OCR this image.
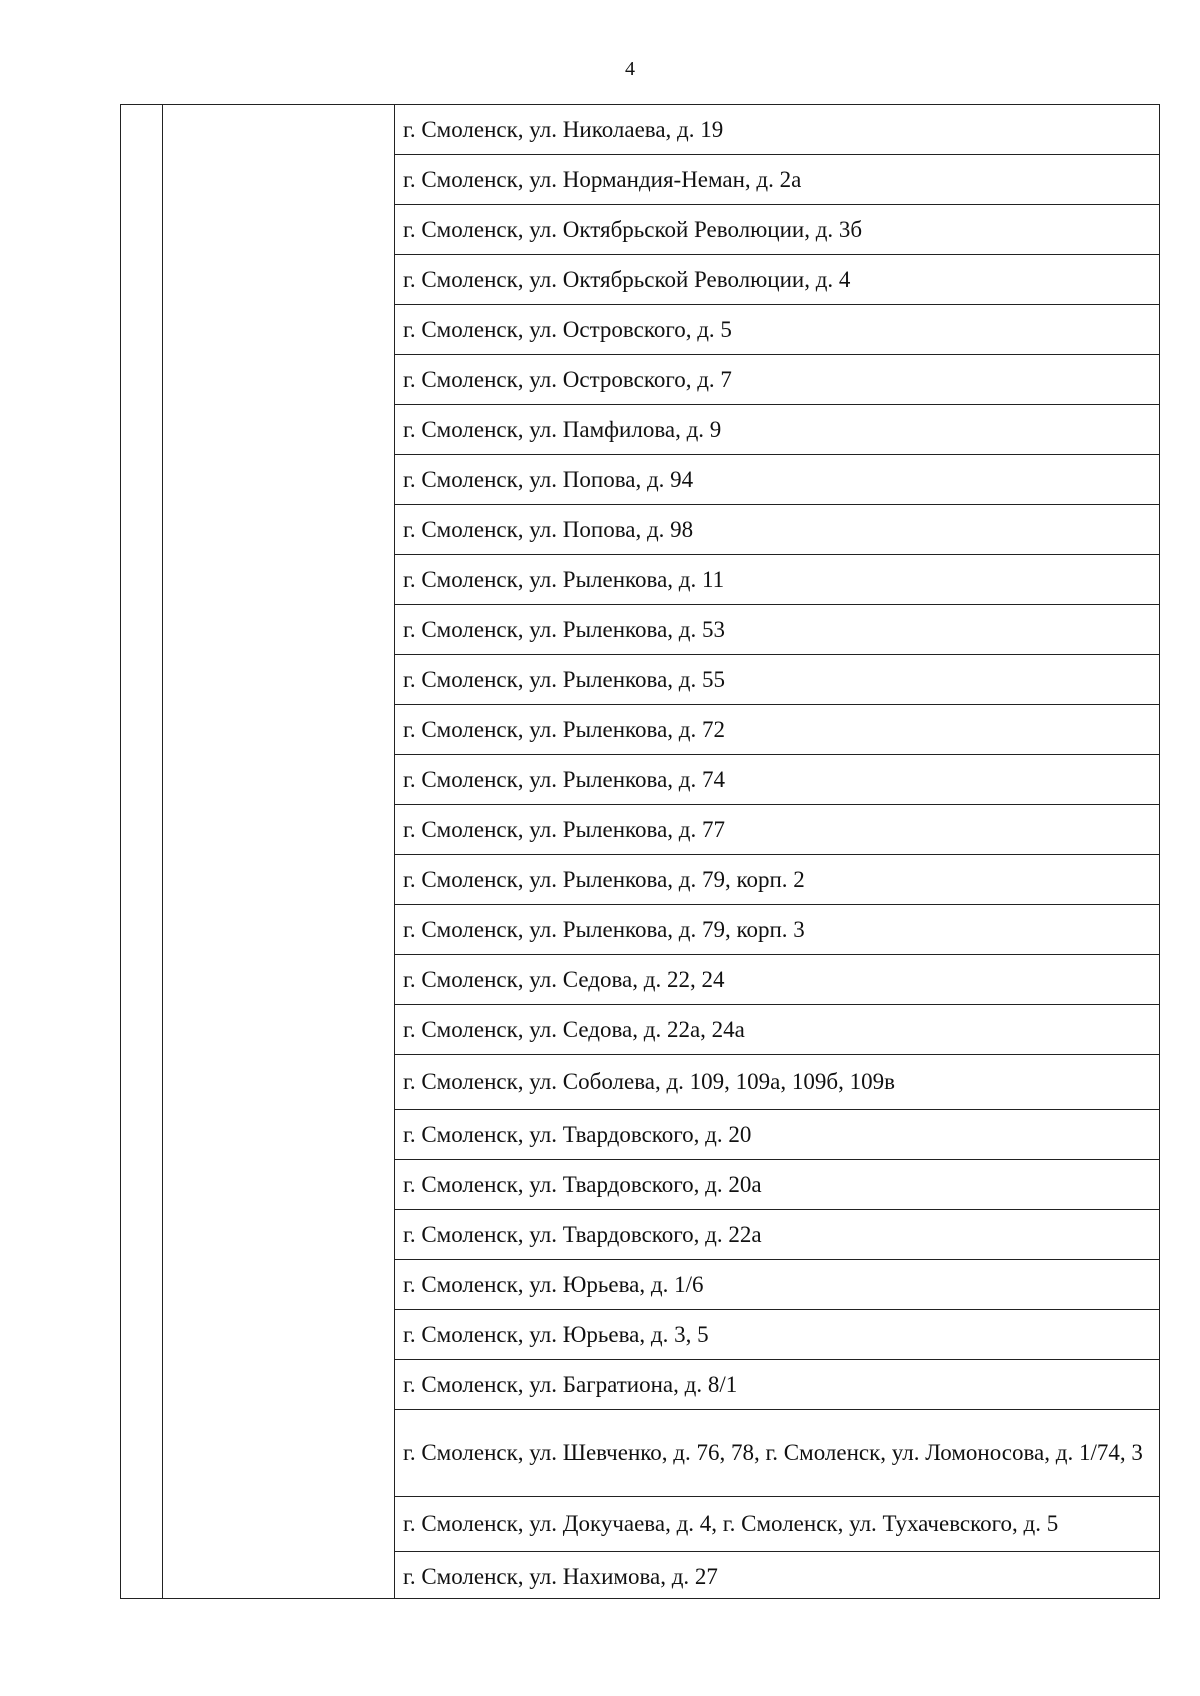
4
г. Смоленск, ул. Николаева, д. 19
г. Смоленск, ул. Нормандия-Неман, д. 2а
г. Смоленск, ул. Октябрьской Революции, д. 3б
г. Смоленск, ул. Октябрьской Революции, д. 4
г. Смоленск, ул. Островского, д. 5
г. Смоленск, ул. Островского, д. 7
г. Смоленск, ул. Памфилова, д. 9
г. Смоленск, ул. Попова, д. 94
г. Смоленск, ул. Попова, д. 98
г. Смоленск, ул. Рыленкова, д. 11
г. Смоленск, ул. Рыленкова, д. 53
г. Смоленск, ул. Рыленкова, д. 55
г. Смоленск, ул. Рыленкова, д. 72
г. Смоленск, ул. Рыленкова, д. 74
г. Смоленск, ул. Рыленкова, д. 77
г. Смоленск, ул. Рыленкова, д. 79, корп. 2
г. Смоленск, ул. Рыленкова, д. 79, корп. 3
г. Смоленск, ул. Седова, д. 22, 24
г. Смоленск, ул. Седова, д. 22а, 24а
г. Смоленск, ул. Соболева, д. 109, 109а, 109б, 109в
г. Смоленск, ул. Твардовского, д. 20
г. Смоленск, ул. Твардовского, д. 20а
г. Смоленск, ул. Твардовского, д. 22а
г. Смоленск, ул. Юрьева, д. 1/6
г. Смоленск, ул. Юрьева, д. 3, 5
г. Смоленск, ул. Багратиона, д. 8/1
г. Смоленск, ул. Шевченко, д. 76, 78, г. Смоленск, ул. Ломоносова, д. 1/74, 3
г. Смоленск, ул. Докучаева, д. 4, г. Смоленск, ул. Тухачевского, д. 5
г. Смоленск, ул. Нахимова, д. 27
